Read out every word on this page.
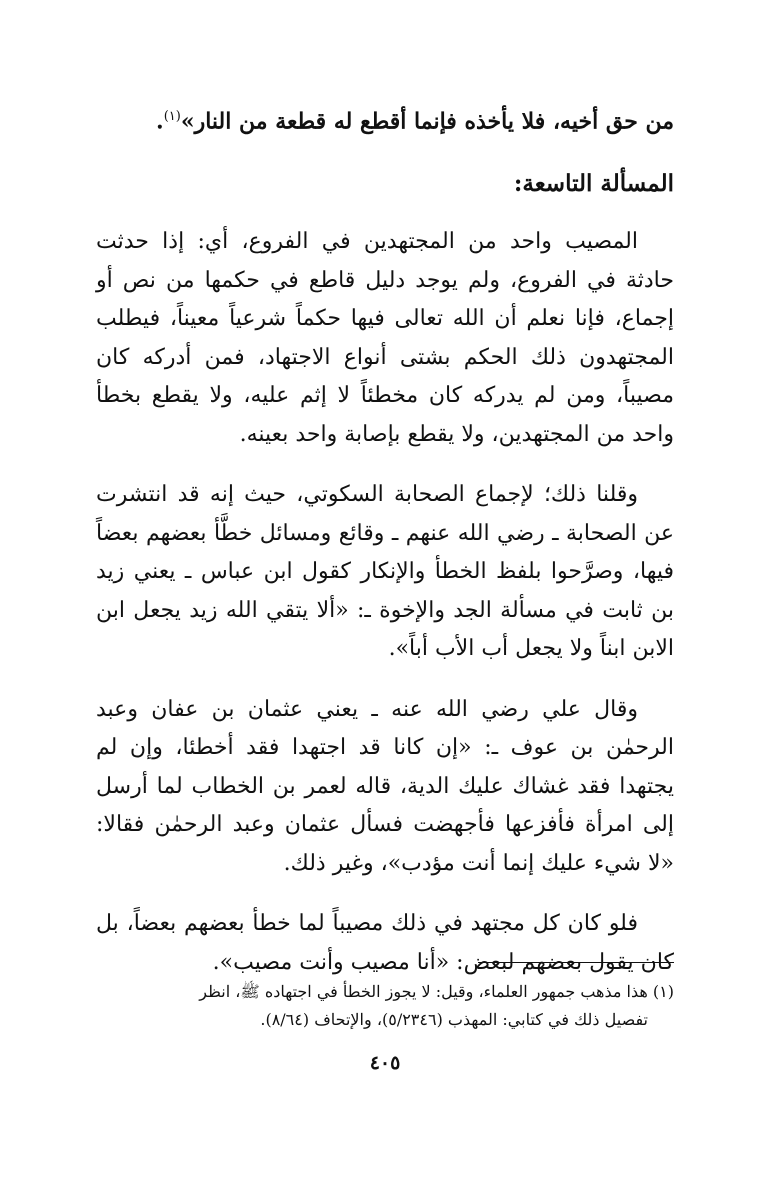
من حق أخيه، فلا يأخذه فإنما أقطع له قطعة من النار»$^{(١)}$.

المسألة التاسعة:

المصيب واحد من المجتهدين في الفروع، أي: إذا حدثت حادثة في الفروع، ولم يوجد دليل قاطع في حكمها من نص أو إجماع، فإنا نعلم أن الله تعالى فيها حكماً شرعياً معيناً، فيطلب المجتهدون ذلك الحكم بشتى أنواع الاجتهاد، فمن أدركه كان مصيباً، ومن لم يدركه كان مخطئاً لا إثم عليه، ولا يقطع بخطأ واحد من المجتهدين، ولا يقطع بإصابة واحد بعينه.

وقلنا ذلك؛ لإجماع الصحابة السكوتي، حيث إنه قد انتشرت عن الصحابة ـ رضي الله عنهم ـ وقائع ومسائل خطَّأ بعضهم بعضاً فيها، وصرَّحوا بلفظ الخطأ والإنكار كقول ابن عباس ـ يعني زيد بن ثابت في مسألة الجد والإخوة ـ: «ألا يتقي الله زيد يجعل ابن الابن ابناً ولا يجعل أب الأب أباً».

وقال علي رضي الله عنه ـ يعني عثمان بن عفان وعبد الرحمٰن بن عوف ـ: «إن كانا قد اجتهدا فقد أخطئا، وإن لم يجتهدا فقد غشاك عليك الدية، قاله لعمر بن الخطاب لما أرسل إلى امرأة فأفزعها فأجهضت فسأل عثمان وعبد الرحمٰن فقالا: «لا شيء عليك إنما أنت مؤدب»، وغير ذلك.

فلو كان كل مجتهد في ذلك مصيباً لما خطأ بعضهم بعضاً، بل كان يقول بعضهم لبعض: «أنا مصيب وأنت مصيب».

(١) هذا مذهب جمهور العلماء، وقيل: لا يجوز الخطأ في اجتهاده ﷺ، انظر
تفصيل ذلك في كتابي: المهذب (٥/٢٣٤٦)، والإتحاف (٨/٦٤).
٤٠٥
